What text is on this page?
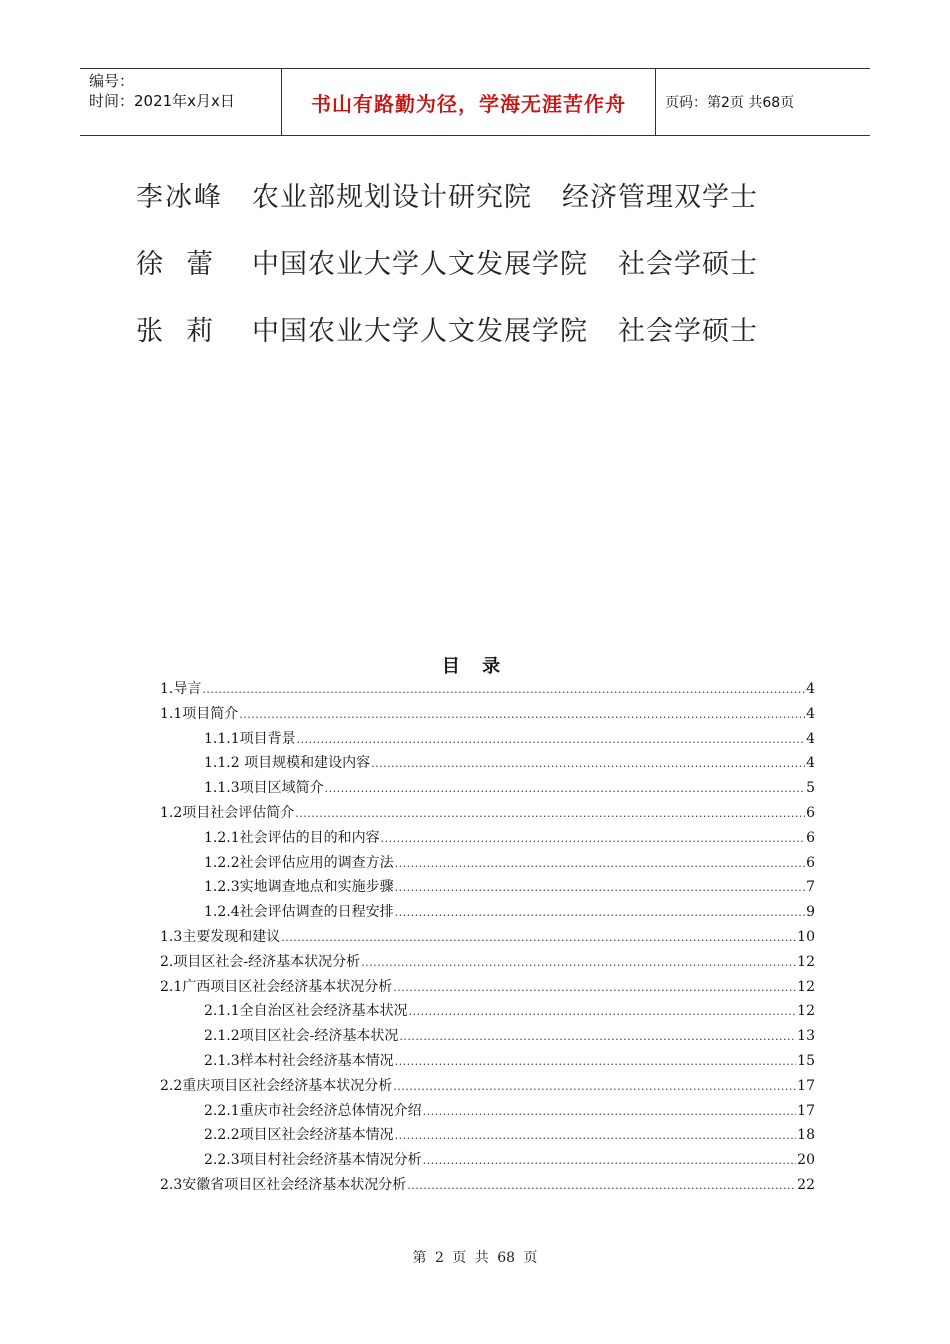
编号：
时间：2021年x月x日	书山有路勤为径，学海无涯苦作舟	页码：第2页 共68页
李冰峰	农业部规划设计研究院 经济管理双学士
徐  蕾	中国农业大学人文发展学院 社会学硕士
张  莉	中国农业大学人文发展学院 社会学硕士
目 录
1.导言 .....	4
1.1项目简介 .....	4
1.1.1项目背景 .....	4
1.1.2 项目规模和建设内容 .....	4
1.1.3项目区域简介 .....	5
1.2项目社会评估简介 .....	6
1.2.1社会评估的目的和内容 .....	6
1.2.2社会评估应用的调查方法 .....	6
1.2.3实地调查地点和实施步骤 .....	7
1.2.4社会评估调查的日程安排 .....	9
1.3主要发现和建议 .....	10
2.项目区社会-经济基本状况分析 .....	12
2.1广西项目区社会经济基本状况分析 .....	12
2.1.1全自治区社会经济基本状况 .....	12
2.1.2项目区社会-经济基本状况 .....	13
2.1.3样本村社会经济基本情况 .....	15
2.2重庆项目区社会经济基本状况分析 .....	17
2.2.1重庆市社会经济总体情况介绍 .....	17
2.2.2项目区社会经济基本情况 .....	18
2.2.3项目村社会经济基本情况分析 .....	20
2.3安徽省项目区社会经济基本状况分析 .....	22
第 2 页 共 68 页
